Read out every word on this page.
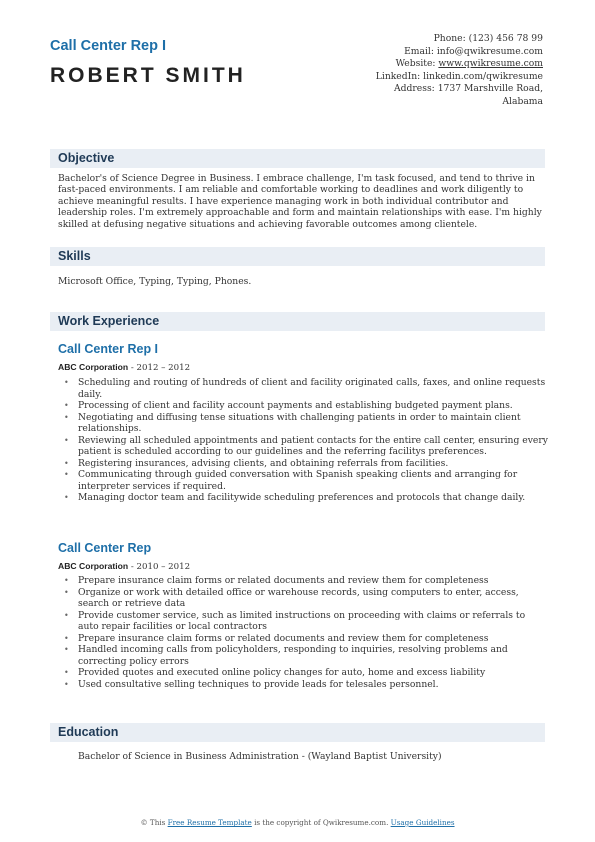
Call Center Rep I
ROBERT SMITH
Phone: (123) 456 78 99
Email: info@qwikresume.com
Website: www.qwikresume.com
LinkedIn: linkedin.com/qwikresume
Address: 1737 Marshville Road,
Alabama
Objective
Bachelor's of Science Degree in Business. I embrace challenge, I'm task focused, and tend to thrive in fast-paced environments. I am reliable and comfortable working to deadlines and work diligently to achieve meaningful results. I have experience managing work in both individual contributor and leadership roles. I'm extremely approachable and form and maintain relationships with ease. I'm highly skilled at defusing negative situations and achieving favorable outcomes among clientele.
Skills
Microsoft Office, Typing, Typing, Phones.
Work Experience
Call Center Rep I
ABC Corporation - 2012 – 2012
• Scheduling and routing of hundreds of client and facility originated calls, faxes, and online requests daily.
• Processing of client and facility account payments and establishing budgeted payment plans.
• Negotiating and diffusing tense situations with challenging patients in order to maintain client relationships.
• Reviewing all scheduled appointments and patient contacts for the entire call center, ensuring every patient is scheduled according to our guidelines and the referring facilitys preferences.
• Registering insurances, advising clients, and obtaining referrals from facilities.
• Communicating through guided conversation with Spanish speaking clients and arranging for interpreter services if required.
• Managing doctor team and facilitywide scheduling preferences and protocols that change daily.
Call Center Rep
ABC Corporation - 2010 – 2012
• Prepare insurance claim forms or related documents and review them for completeness
• Organize or work with detailed office or warehouse records, using computers to enter, access, search or retrieve data
• Provide customer service, such as limited instructions on proceeding with claims or referrals to auto repair facilities or local contractors
• Prepare insurance claim forms or related documents and review them for completeness
• Handled incoming calls from policyholders, responding to inquiries, resolving problems and correcting policy errors
• Provided quotes and executed online policy changes for auto, home and excess liability
• Used consultative selling techniques to provide leads for telesales personnel.
Education
Bachelor of Science in Business Administration - (Wayland Baptist University)
© This Free Resume Template is the copyright of Qwikresume.com. Usage Guidelines
